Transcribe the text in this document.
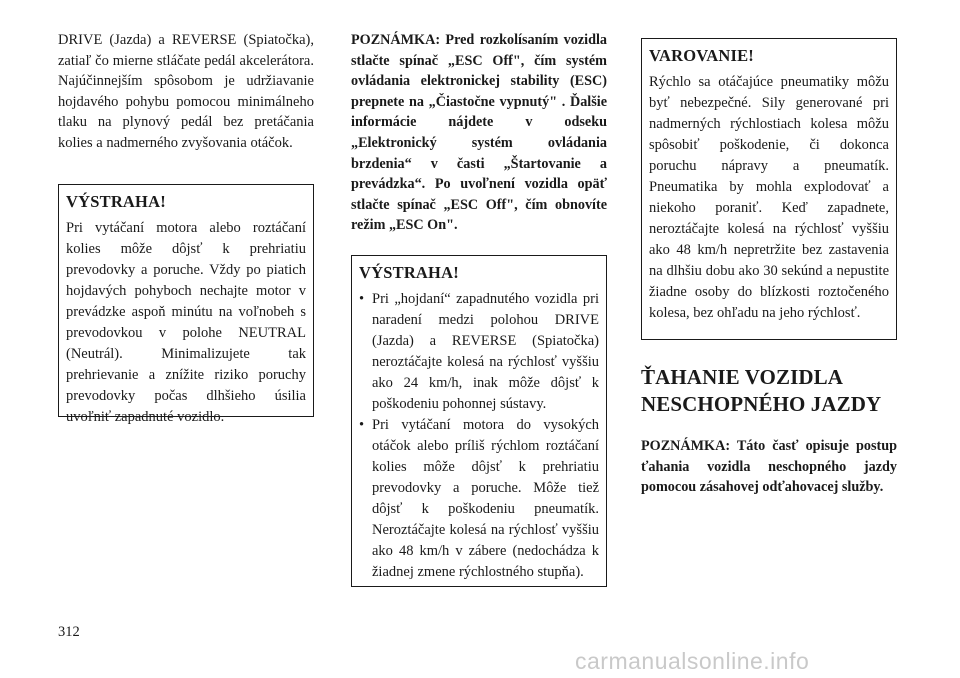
DRIVE (Jazda) a REVERSE (Spiatočka), zatiaľ čo mierne stláčate pedál akcelerátora. Najúčinnejším spôsobom je udržiavanie hojdavého pohybu pomocou minimálneho tlaku na plynový pedál bez pretáčania kolies a nadmerného zvyšovania otáčok.

VÝSTRAHA!

Pri vytáčaní motora alebo roztáčaní kolies môže dôjsť k prehriatiu prevodovky a poruche. Vždy po piatich hojdavých pohyboch nechajte motor v prevádzke aspoň minútu na voľnobeh s prevodovkou v polohe NEUTRAL (Neutrál). Minimalizujete tak prehrievanie a znížite riziko poruchy prevodovky počas dlhšieho úsilia uvoľniť zapadnuté vozidlo.

POZNÁMKA: Pred rozkolísaním vozidla stlačte spínač „ESC Off", čím systém ovládania elektronickej stability (ESC) prepnete na „Čiastočne vypnutý" . Ďalšie informácie nájdete v odseku „Elektronický systém ovládania brzdenia“ v časti „Štartovanie a prevádzka“. Po uvoľnení vozidla opäť stlačte spínač „ESC Off", čím obnovíte režim „ESC On".

VÝSTRAHA!
• Pri „hojdaní“ zapadnutého vozidla pri naradení medzi polohou DRIVE (Jazda) a REVERSE (Spiatočka) neroztáčajte kolesá na rýchlosť vyššiu ako 24 km/h, inak môže dôjsť k poškodeniu pohonnej sústavy.
• Pri vytáčaní motora do vysokých otáčok alebo príliš rýchlom roztáčaní kolies môže dôjsť k prehriatiu prevodovky a poruche. Môže tiež dôjsť k poškodeniu pneumatík. Neroztáčajte kolesá na rýchlosť vyššiu ako 48 km/h v zábere (nedochádza k žiadnej zmene rýchlostného stupňa).
VAROVANIE!

Rýchlo sa otáčajúce pneumatiky môžu byť nebezpečné. Sily generované pri nadmerných rýchlostiach kolesa môžu spôsobiť poškodenie, či dokonca poruchu nápravy a pneumatík. Pneumatika by mohla explodovať a niekoho poraniť. Keď zapadnete, neroztáčajte kolesá na rýchlosť vyššiu ako 48 km/h nepretržite bez zastavenia na dlhšiu dobu ako 30 sekúnd a nepustite žiadne osoby do blízkosti roztočeného kolesa, bez ohľadu na jeho rýchlosť.

ŤAHANIE VOZIDLA
NESCHOPNÉHO JAZDY

POZNÁMKA: Táto časť opisuje postup ťahania vozidla neschopného jazdy pomocou zásahovej odťahovacej služby.

312
carmanualsonline.info
